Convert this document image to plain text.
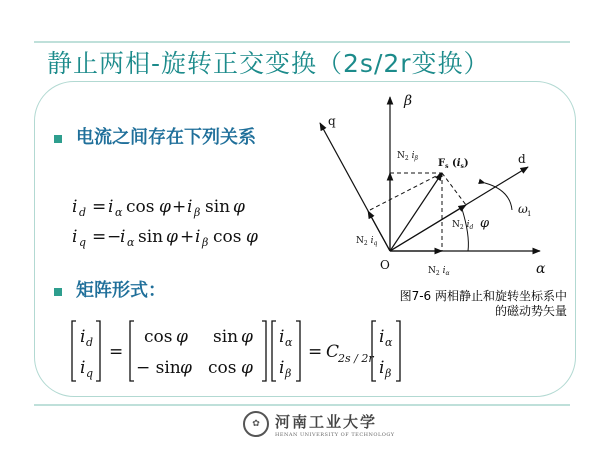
静止两相-旋转正交变换（2s/2r变换）
电流之间存在下列关系
i d = i α cos φ + i β sin φ
i q = −
i α sin φ + i β cos φ
矩阵形式：
i d
i q
=
cos φ sin φ
− sin φ cos φ
i α
i β
= C
2s / 2r
i α
i β
β
α
q
d
O
φ
ω 1
$N_2$ $i_\beta$ $F_s$ $(i_s)$
$N_2$ $i_d$
$N_2$ $i_q$
$N_2$ $i_\alpha$
图7-6 两相静止和旋转坐标系中
的磁动势矢量
✿	河南工业大学
HENAN UNIVERSITY OF TECHNOLOGY
